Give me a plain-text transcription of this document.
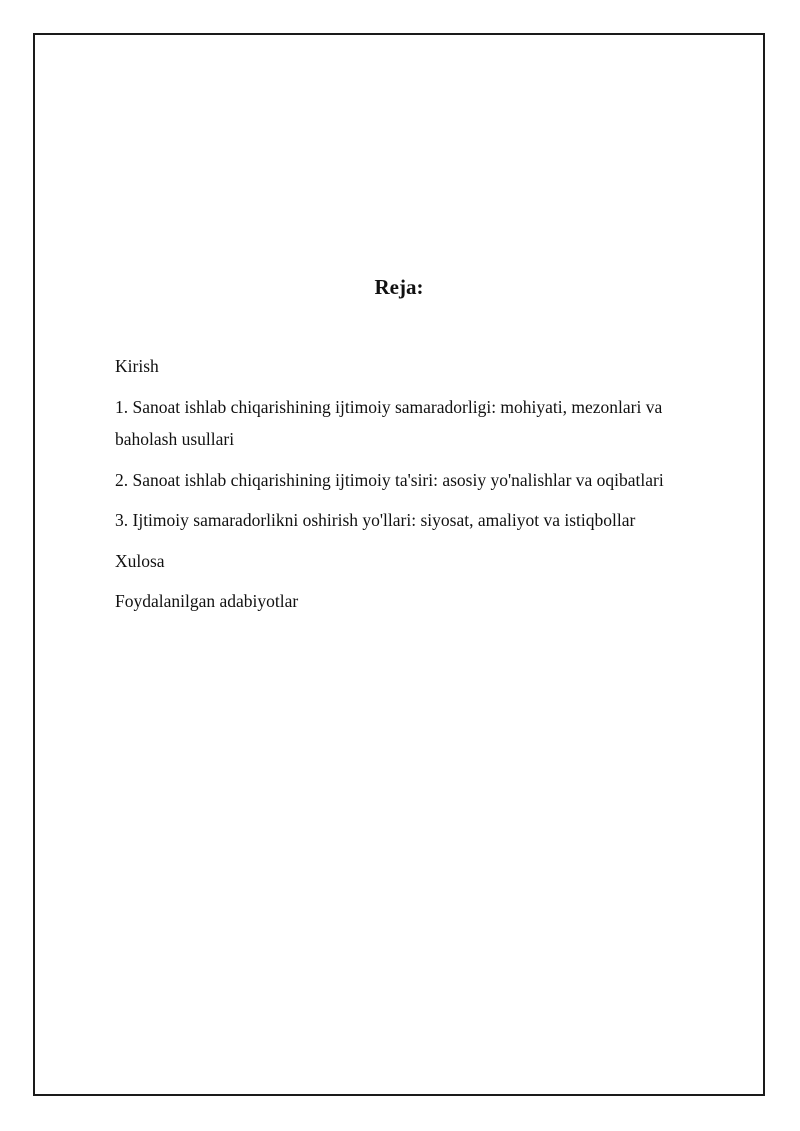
Reja:
Kirish
1. Sanoat ishlab chiqarishining ijtimoiy samaradorligi: mohiyati, mezonlari va baholash usullari
2. Sanoat ishlab chiqarishining ijtimoiy ta'siri: asosiy yo'nalishlar va oqibatlari
3. Ijtimoiy samaradorlikni oshirish yo'llari: siyosat, amaliyot va istiqbollar
Xulosa
Foydalanilgan adabiyotlar
